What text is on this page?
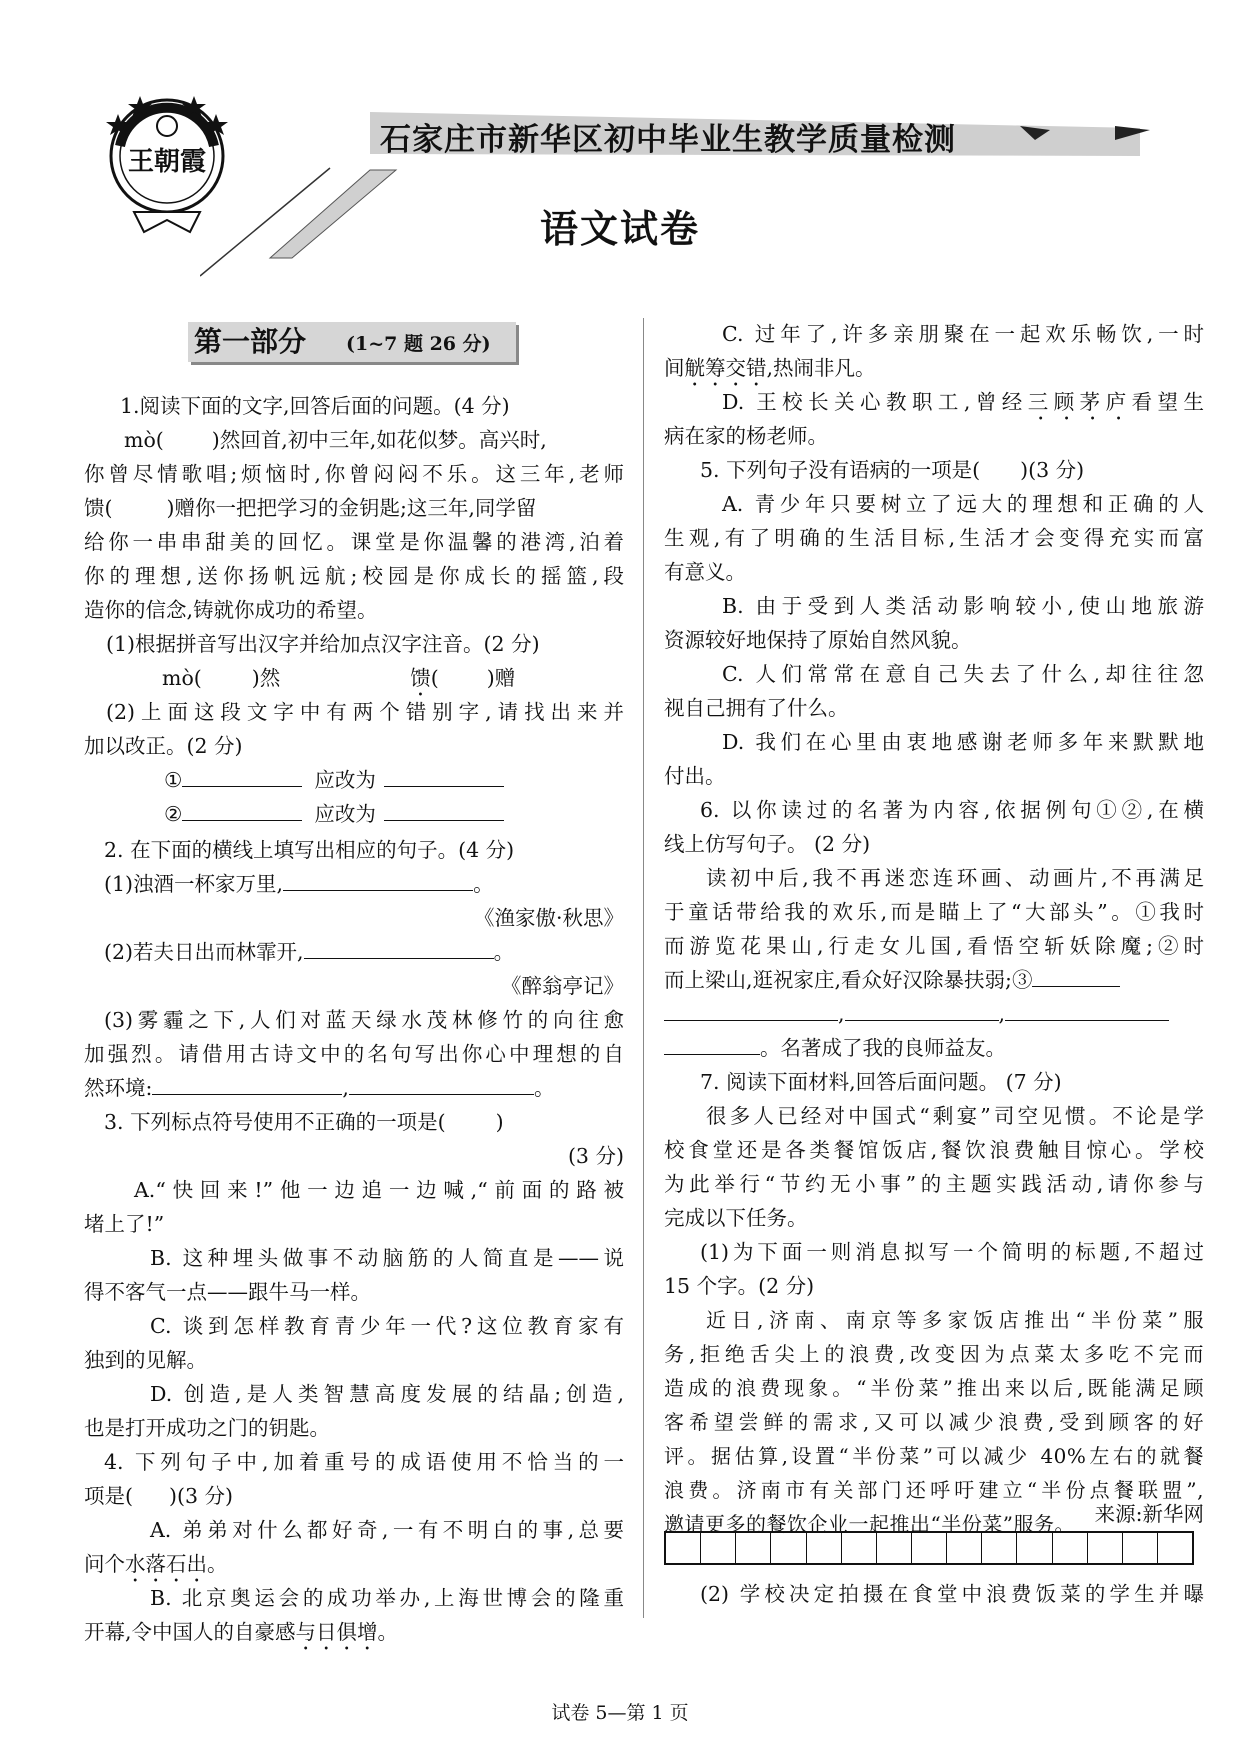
王朝霞
石家庄市新华区初中毕业生教学质量检测
语文试卷
第一部分 (1~7 题 26 分)
1.阅读下面的文字,回答后面的问题。(4 分)
mò( )然回首,初中三年,如花似梦。高兴时,
你曾尽情歌唱;烦恼时,你曾闷闷不乐。这三年,老师
馈(	)赠你一把把学习的金钥匙;这三年,同学留
给你一串串甜美的回忆。课堂是你温馨的港湾,泊着
你的理想,送你扬帆远航;校园是你成长的摇篮,段
造你的信念,铸就你成功的希望。
(1)根据拼音写出汉字并给加点汉字注音。(2 分)
mò( )然	馈( )赠
(2)上面这段文字中有两个错别字,请找出来并
加以改正。(2 分)
①	应改为
②	应改为
2. 在下面的横线上填写出相应的句子。(4 分)
(1)浊酒一杯家万里,	。
《渔家傲·秋思》
(2)若夫日出而林霏开,	。
《醉翁亭记》
(3)雾霾之下,人们对蓝天绿水茂林修竹的向往愈
加强烈。请借用古诗文中的名句写出你心中理想的自
然环境:	,	。
3. 下列标点符号使用不正确的一项是( )
(3 分)
A.“快回来!”他一边追一边喊,“前面的路被
堵上了!”
B. 这种埋头做事不动脑筋的人简直是——说
得不客气一点——跟牛马一样。
C. 谈到怎样教育青少年一代?这位教育家有
独到的见解。
D. 创造,是人类智慧高度发展的结晶;创造,
也是打开成功之门的钥匙。
4. 下列句子中,加着重号的成语使用不恰当的一
项是( )(3 分)
A. 弟弟对什么都好奇,一有不明白的事,总要
问个水落石出。
B. 北京奥运会的成功举办,上海世博会的隆重
开幕,令中国人的自豪感与日俱增。
C. 过年了,许多亲朋聚在一起欢乐畅饮,一时
间觥筹交错,热闹非凡。
D. 王校长关心教职工,曾经三顾茅庐看望生
病在家的杨老师。
5. 下列句子没有语病的一项是( )(3 分)
A. 青少年只要树立了远大的理想和正确的人
生观,有了明确的生活目标,生活才会变得充实而富
有意义。
B. 由于受到人类活动影响较小,使山地旅游
资源较好地保持了原始自然风貌。
C. 人们常常在意自己失去了什么,却往往忽
视自己拥有了什么。
D. 我们在心里由衷地感谢老师多年来默默地
付出。
6. 以你读过的名著为内容,依据例句①②,在横
线上仿写句子。 (2 分)
读初中后,我不再迷恋连环画、动画片,不再满足
于童话带给我的欢乐,而是瞄上了“大部头”。①我时
而游览花果山,行走女儿国,看悟空斩妖除魔;②时
而上梁山,逛祝家庄,看众好汉除暴扶弱;③
,	,
。名著成了我的良师益友。
7. 阅读下面材料,回答后面问题。 (7 分)
很多人已经对中国式“剩宴”司空见惯。不论是学
校食堂还是各类餐馆饭店,餐饮浪费触目惊心。学校
为此举行“节约无小事”的主题实践活动,请你参与
完成以下任务。
(1)为下面一则消息拟写一个简明的标题,不超过
15 个字。(2 分)
近日,济南、南京等多家饭店推出“半份菜”服
务,拒绝舌尖上的浪费,改变因为点菜太多吃不完而
造成的浪费现象。“半份菜”推出来以后,既能满足顾
客希望尝鲜的需求,又可以减少浪费,受到顾客的好
评。据估算,设置“半份菜”可以减少 40%左右的就餐
浪费。济南市有关部门还呼吁建立“半份点餐联盟”,
邀请更多的餐饮企业一起推出“半份菜”服务。 来源:新华网
(2) 学校决定拍摄在食堂中浪费饭菜的学生并曝
试卷 5—第 1 页
